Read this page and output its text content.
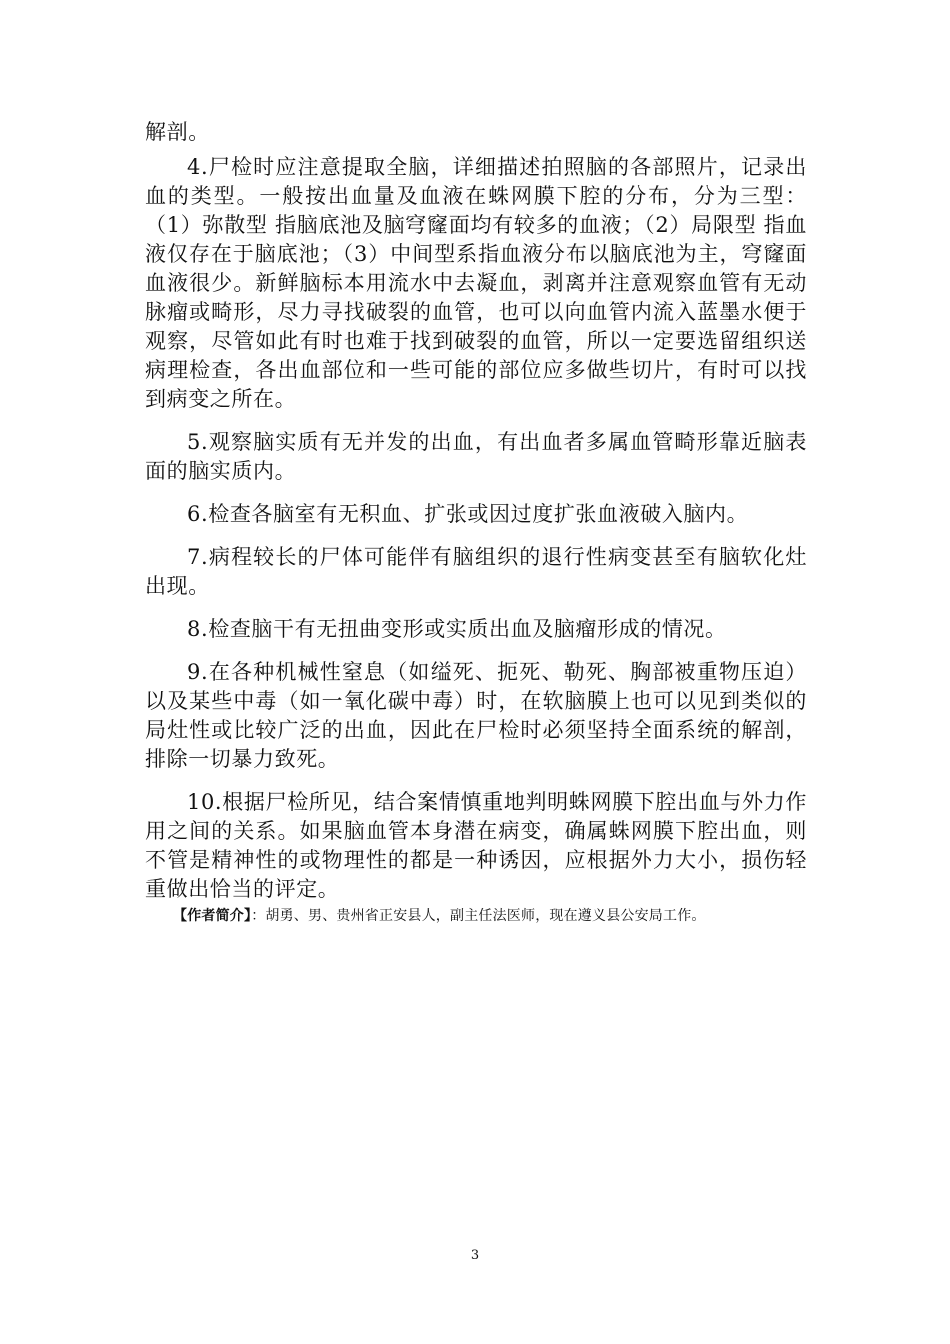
解剖。

4.尸检时应注意提取全脑，详细描述拍照脑的各部照片，记录出血的类型。一般按出血量及血液在蛛网膜下腔的分布，分为三型：（1）弥散型 指脑底池及脑穹窿面均有较多的血液；（2）局限型 指血液仅存在于脑底池；（3）中间型系指血液分布以脑底池为主，穹窿面血液很少。新鲜脑标本用流水中去凝血，剥离并注意观察血管有无动脉瘤或畸形，尽力寻找破裂的血管，也可以向血管内流入蓝墨水便于观察，尽管如此有时也难于找到破裂的血管，所以一定要选留组织送病理检查，各出血部位和一些可能的部位应多做些切片，有时可以找到病变之所在。

5.观察脑实质有无并发的出血，有出血者多属血管畸形靠近脑表面的脑实质内。

6.检查各脑室有无积血、扩张或因过度扩张血液破入脑内。

7.病程较长的尸体可能伴有脑组织的退行性病变甚至有脑软化灶出现。

8.检查脑干有无扭曲变形或实质出血及脑瘤形成的情况。

9.在各种机械性窒息（如缢死、扼死、勒死、胸部被重物压迫）以及某些中毒（如一氧化碳中毒）时，在软脑膜上也可以见到类似的局灶性或比较广泛的出血，因此在尸检时必须坚持全面系统的解剖，排除一切暴力致死。

10.根据尸检所见，结合案情慎重地判明蛛网膜下腔出血与外力作用之间的关系。如果脑血管本身潜在病变，确属蛛网膜下腔出血，则不管是精神性的或物理性的都是一种诱因，应根据外力大小，损伤轻重做出恰当的评定。

【作者简介】：胡勇、男、贵州省正安县人，副主任法医师，现在遵义县公安局工作。

3
